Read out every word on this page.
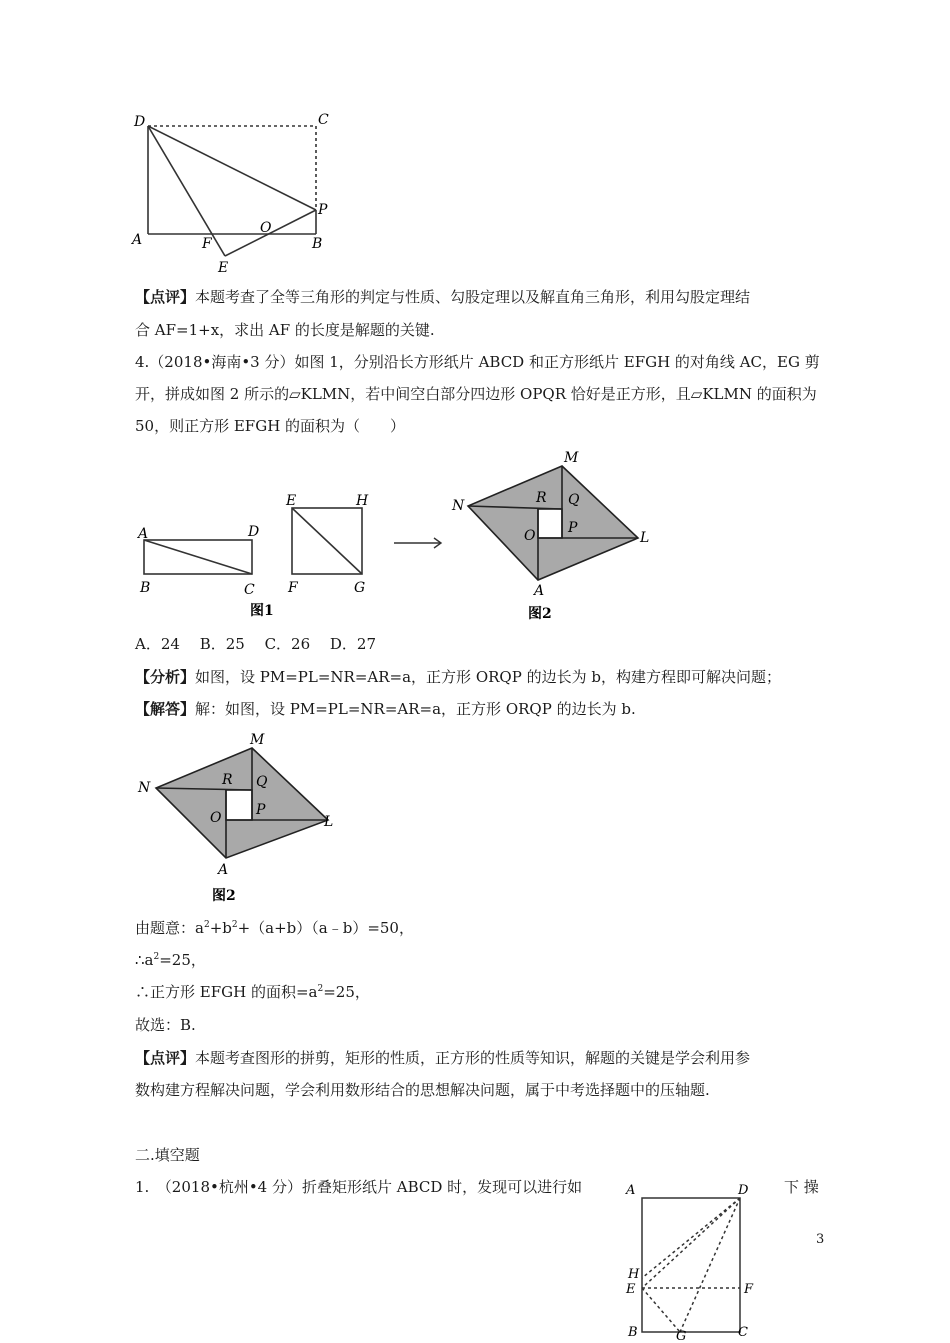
D	C
P
A	F
O
B
E
【点评】本题考查了全等三角形的判定与性质、勾股定理以及解直角三角形，利用勾股定理结
合 AF=1+x，求出 AF 的长度是解题的关键.
4.（2018•海南•3 分）如图 1，分别沿长方形纸片 ABCD 和正方形纸片 EFGH 的对角线 AC，EG 剪
开，拼成如图 2 所示的▱KLMN，若中间空白部分四边形 OPQR 恰好是正方形，且▱KLMN 的面积为
50，则正方形 EFGH 的面积为（　　）
A	D
B	C
E	H
F	G
图1
M
N	R Q
O P
L
A
图2
A．24　 B．25　 C．26　 D．27
【分析】如图，设 PM=PL=NR=AR=a，正方形 ORQP 的边长为 b，构建方程即可解决问题；
【解答】解：如图，设 PM=PL=NR=AR=a，正方形 ORQP 的边长为 b.
M
N	R Q
O P
L
A
图2
由题意：$a^2+b^2+(a+b)(a﹣b)=50$，
$\therefore a^2=25$，
∴正方形 EFGH 的面积$=a^2=25$，
故选：B.
【点评】本题考查图形的拼剪，矩形的性质，正方形的性质等知识，解题的关键是学会利用参
数构建方程解决问题，学会利用数形结合的思想解决问题，属于中考选择题中的压轴题.
二.填空题
1.　（2018•杭州•4 分）折叠矩形纸片 ABCD 时，发现可以进行如	下 操
A	D
H
E	F
B	G	C
3
